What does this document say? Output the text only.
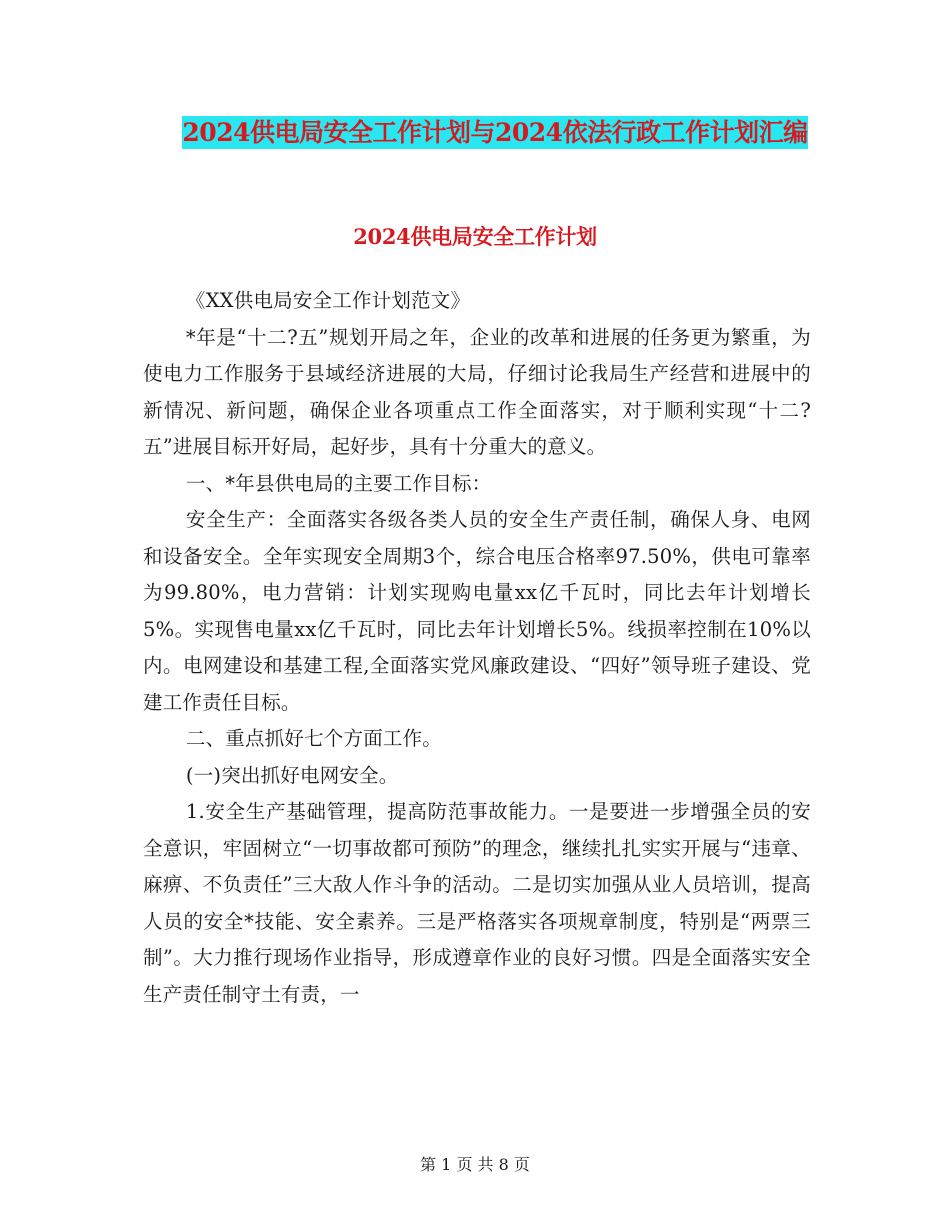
2024供电局安全工作计划与2024依法行政工作计划汇编
2024供电局安全工作计划

《XX供电局安全工作计划范文》

*年是“十二?五”规划开局之年，企业的改革和进展的任务更为繁重，为使电力工作服务于县域经济进展的大局，仔细讨论我局生产经营和进展中的新情况、新问题，确保企业各项重点工作全面落实，对于顺利实现“十二?五”进展目标开好局，起好步，具有十分重大的意义。

一、*年县供电局的主要工作目标：

安全生产：全面落实各级各类人员的安全生产责任制，确保人身、电网和设备安全。全年实现安全周期3个，综合电压合格率97.50%，供电可靠率为99.80%，电力营销：计划实现购电量xx亿千瓦时，同比去年计划增长5%。实现售电量xx亿千瓦时，同比去年计划增长5%。线损率控制在10%以内。电网建设和基建工程,全面落实党风廉政建设、“四好”领导班子建设、党建工作责任目标。

二、重点抓好七个方面工作。

(一)突出抓好电网安全。

1.安全生产基础管理，提高防范事故能力。一是要进一步增强全员的安全意识，牢固树立“一切事故都可预防”的理念，继续扎扎实实开展与“违章、麻痹、不负责任”三大敌人作斗争的活动。二是切实加强从业人员培训，提高人员的安全*技能、安全素养。三是严格落实各项规章制度，特别是“两票三制”。大力推行现场作业指导，形成遵章作业的良好习惯。四是全面落实安全生产责任制守土有责，一

第 1 页 共 8 页
